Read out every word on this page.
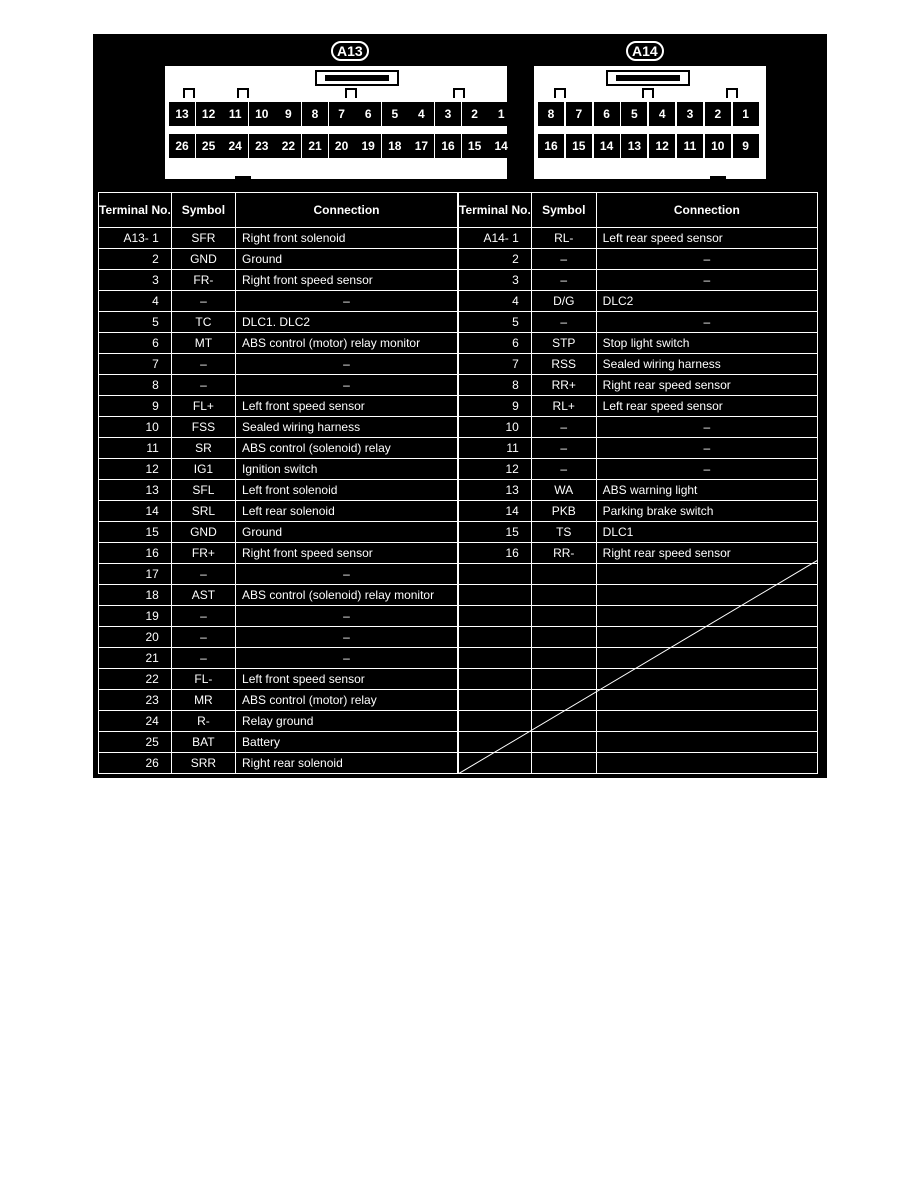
A13
13	12	11	10	9	8	7	6	5	4	3	2	1
26	25	24	23	22	21	20	19	18	17	16	15	14
A14
8	7	6	5	4	3	2	1
16	15	14	13	12	11	10	9
Terminal No.	Symbol	Connection
A13- 1	SFR	Right front solenoid
2	GND	Ground
3	FR-	Right front speed sensor
4	–	–
5	TC	DLC1. DLC2
6	MT	ABS control (motor) relay monitor
7	–	–
8	–	–
9	FL+	Left front speed sensor
10	FSS	Sealed wiring harness
11	SR	ABS control (solenoid) relay
12	IG1	Ignition switch
13	SFL	Left front solenoid
14	SRL	Left rear solenoid
15	GND	Ground
16	FR+	Right front speed sensor
17	–	–
18	AST	ABS control (solenoid) relay monitor
19	–	–
20	–	–
21	–	–
22	FL-	Left front speed sensor
23	MR	ABS control (motor) relay
24	R-	Relay ground
25	BAT	Battery
26	SRR	Right rear solenoid
Terminal No.	Symbol	Connection
A14- 1	RL-	Left rear speed sensor
2	–	–
3	–	–
4	D/G	DLC2
5	–	–
6	STP	Stop light switch
7	RSS	Sealed wiring harness
8	RR+	Right rear speed sensor
9	RL+	Left rear speed sensor
10	–	–
11	–	–
12	–	–
13	WA	ABS warning light
14	PKB	Parking brake switch
15	TS	DLC1
16	RR-	Right rear speed sensor
